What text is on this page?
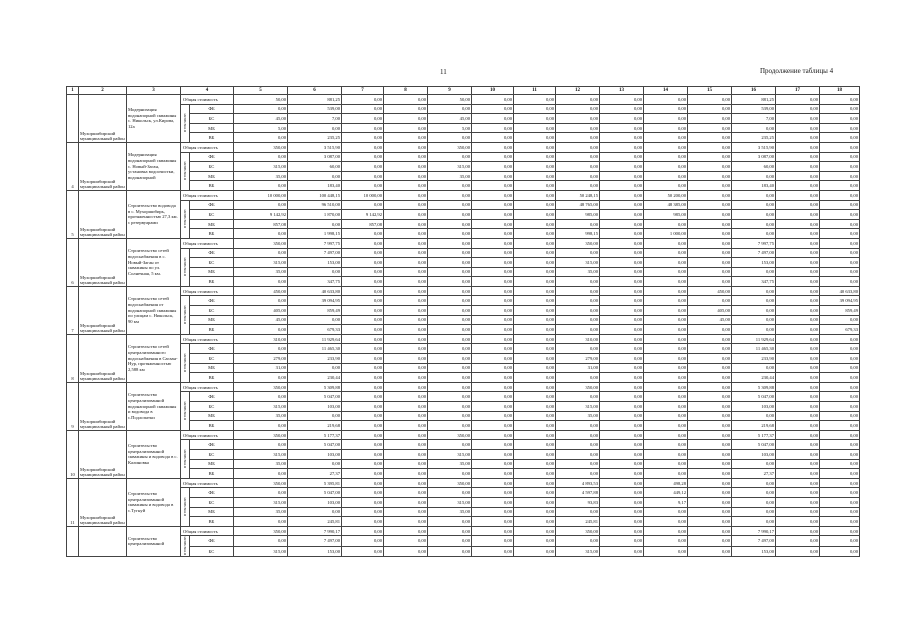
11	Продолжение таблицы 4
1	2	3	4		5	6	7	8	9	10	11	12	13	14	15	16	17	18
	Мухоршибирский муниципальный район	Модернизация водонапорной скважины с. Никольск, ул.Кирова, 12а	Общая стоимость		50,00	881,25	0,00	0,00	50,00	0,00	0,00	0,00	0,00	0,00	0,00	881,25	0,00	0,00
			в том числе:	ФБ	0,00	539,00	0,00	0,00	0,00	0,00	0,00	0,00	0,00	0,00	0,00	539,00	0,00	0,00
				БС	45,00	7,00	0,00	0,00	45,00	0,00	0,00	0,00	0,00	0,00	0,00	7,00	0,00	0,00
				МБ	5,00	0,00	0,00	0,00	5,00	0,00	0,00	0,00	0,00	0,00	0,00	0,00	0,00	0,00
				ВБ	0,00	235,25	0,00	0,00	0,00	0,00	0,00	0,00	0,00	0,00	0,00	235,25	0,00	0,00
4	Мухоршибирский муниципальный район	Модернизация водонапорной скважины с. Новый-Заган, установка водоочистки, водонапорной	Общая стоимость		350,00	3 515,90	0,00	0,00	350,00	0,00	0,00	0,00	0,00	0,00	0,00	3 515,90	0,00	0,00
			в том числе:	ФБ	0,00	3 087,00	0,00	0,00	0,00	0,00	0,00	0,00	0,00	0,00	0,00	3 087,00	0,00	0,00
				БС	315,00	60,00	0,00	0,00	315,00	0,00	0,00	0,00	0,00	0,00	0,00	60,00	0,00	0,00
				МБ	35,00	0,00	0,00	0,00	35,00	0,00	0,00	0,00	0,00	0,00	0,00	0,00	0,00	0,00
				ВБ	0,00	183,40	0,00	0,00	0,00	0,00	0,00	0,00	0,00	0,00	0,00	183,40	0,00	0,00
5	Мухоршибирский муниципальный район	Строительство водовода в с. Мухоршибирь, протяженностью 27,3 км. с резервуарами	Общая стоимость		10 000,00	100 448,15	10 000,00	0,00	0,00	0,00	0,00	50 248,15	0,00	50 200,00	0,00	0,00	0,00	0,00
			в том числе:	ФБ	0,00	96 510,00	0,00	0,00	0,00	0,00	0,00	48 765,00	0,00	48 385,00	0,00	0,00	0,00	0,00
				БС	9 142,92	1 870,00	9 142,92	0,00	0,00	0,00	0,00	985,00	0,00	985,00	0,00	0,00	0,00	0,00
				МБ	857,08	0,00	857,08	0,00	0,00	0,00	0,00	0,00	0,00	0,00	0,00	0,00	0,00	0,00
				ВБ	0,00	1 998,15	0,00	0,00	0,00	0,00	0,00	998,15	0,00	1 000,00	0,00	0,00	0,00	0,00
6	Мухоршибирский муниципальный район	Строительство сетей водоснабжения в с. Новый-Заган от скважины по ул. Солнечная, 5 км.	Общая стоимость		350,00	7 997,75	0,00	0,00	0,00	0,00	0,00	350,00	0,00	0,00	0,00	7 997,75	0,00	0,00
			в том числе:	ФБ	0,00	7 497,00	0,00	0,00	0,00	0,00	0,00	0,00	0,00	0,00	0,00	7 497,00	0,00	0,00
				БС	315,00	153,00	0,00	0,00	0,00	0,00	0,00	315,00	0,00	0,00	0,00	153,00	0,00	0,00
				МБ	35,00	0,00	0,00	0,00	0,00	0,00	0,00	35,00	0,00	0,00	0,00	0,00	0,00	0,00
				ВБ	0,00	347,75	0,00	0,00	0,00	0,00	0,00	0,00	0,00	0,00	0,00	347,75	0,00	0,00
7	Мухоршибирский муниципальный район	Строительство сетей водоснабжения от водонапорной скважины по улицам с. Никольск, 90 км	Общая стоимость		450,00	40 633,80	0,00	0,00	0,00	0,00	0,00	0,00	0,00	0,00	450,00	0,00	0,00	40 633,80
			в том числе:	ФБ	0,00	39 094,95	0,00	0,00	0,00	0,00	0,00	0,00	0,00	0,00	0,00	0,00	0,00	39 094,95
				БС	405,00	859,49	0,00	0,00	0,00	0,00	0,00	0,00	0,00	0,00	405,00	0,00	0,00	859,49
				МБ	45,00	0,00	0,00	0,00	0,00	0,00	0,00	0,00	0,00	0,00	45,00	0,00	0,00	0,00
				ВБ	0,00	679,33	0,00	0,00	0,00	0,00	0,00	0,00	0,00	0,00	0,00	0,00	0,00	679,33
8	Мухоршибирский муниципальный район	Строительство сетей централизованного водоснабжения в Сагаан-Нур, протяженностью 2,588 км	Общая стоимость		310,00	11 929,64	0,00	0,00	0,00	0,00	0,00	310,00	0,00	0,00	0,00	11 929,64	0,00	0,00
			в том числе:	ФБ	0,00	11 465,30	0,00	0,00	0,00	0,00	0,00	0,00	0,00	0,00	0,00	11 465,30	0,00	0,00
				БС	279,00	233,90	0,00	0,00	0,00	0,00	0,00	279,00	0,00	0,00	0,00	233,90	0,00	0,00
				МБ	31,00	0,00	0,00	0,00	0,00	0,00	0,00	31,00	0,00	0,00	0,00	0,00	0,00	0,00
				ВБ	0,00	230,44	0,00	0,00	0,00	0,00	0,00	0,00	0,00	0,00	0,00	230,44	0,00	0,00
9	Мухоршибирский муниципальный район	Строительство централизованной водонапорной скважины и водовода в с.Подлопатки	Общая стоимость		350,00	5 309,88	0,00	0,00	0,00	0,00	0,00	350,00	0,00	0,00	0,00	5 309,88	0,00	0,00
			в том числе:	ФБ	0,00	5 047,00	0,00	0,00	0,00	0,00	0,00	0,00	0,00	0,00	0,00	5 047,00	0,00	0,00
				БС	315,00	103,00	0,00	0,00	0,00	0,00	0,00	315,00	0,00	0,00	0,00	103,00	0,00	0,00
				МБ	35,00	0,00	0,00	0,00	0,00	0,00	0,00	35,00	0,00	0,00	0,00	0,00	0,00	0,00
				ВБ	0,00	219,68	0,00	0,00	0,00	0,00	0,00	0,00	0,00	0,00	0,00	219,68	0,00	0,00
10	Мухоршибирский муниципальный район	Строительство централизованной скважины и водовода в с. Калиновка	Общая стоимость		350,00	5 177,37	0,00	0,00	350,00	0,00	0,00	0,00	0,00	0,00	0,00	5 177,37	0,00	0,00
			в том числе:	ФБ	0,00	5 047,00	0,00	0,00	0,00	0,00	0,00	0,00	0,00	0,00	0,00	5 047,00	0,00	0,00
				БС	315,00	103,00	0,00	0,00	315,00	0,00	0,00	0,00	0,00	0,00	0,00	103,00	0,00	0,00
				МБ	35,00	0,00	0,00	0,00	35,00	0,00	0,00	0,00	0,00	0,00	0,00	0,00	0,00	0,00
				ВБ	0,00	27,37	0,00	0,00	0,00	0,00	0,00	0,00	0,00	0,00	0,00	27,37	0,00	0,00
11	Мухоршибирский муниципальный район	Строительство централизованной скважины и водовода в с.Тугнуй	Общая стоимость		350,00	5 395,81	0,00	0,00	350,00	0,00	0,00	4 893,53	0,00	498,28	0,00	0,00	0,00	0,00
			в том числе:	ФБ	0,00	5 047,00	0,00	0,00	0,00	0,00	0,00	4 597,88	0,00	449,12	0,00	0,00	0,00	0,00
				БС	315,00	103,00	0,00	0,00	315,00	0,00	0,00	93,83	0,00	9,17	0,00	0,00	0,00	0,00
				МБ	35,00	0,00	0,00	0,00	35,00	0,00	0,00	0,00	0,00	0,00	0,00	0,00	0,00	0,00
				ВБ	0,00	245,81	0,00	0,00	0,00	0,00	0,00	245,81	0,00	0,00	0,00	0,00	0,00	0,00
		Строительство централизованной	Общая стоимость		350,00	7 990,17	0,00	0,00	0,00	0,00	0,00	350,00	0,00	0,00	0,00	7 990,17	0,00	0,00
			в том числе:	ФБ	0,00	7 497,00	0,00	0,00	0,00	0,00	0,00	0,00	0,00	0,00	0,00	7 497,00	0,00	0,00
				БС	315,00	153,00	0,00	0,00	0,00	0,00	0,00	315,00	0,00	0,00	0,00	153,00	0,00	0,00
